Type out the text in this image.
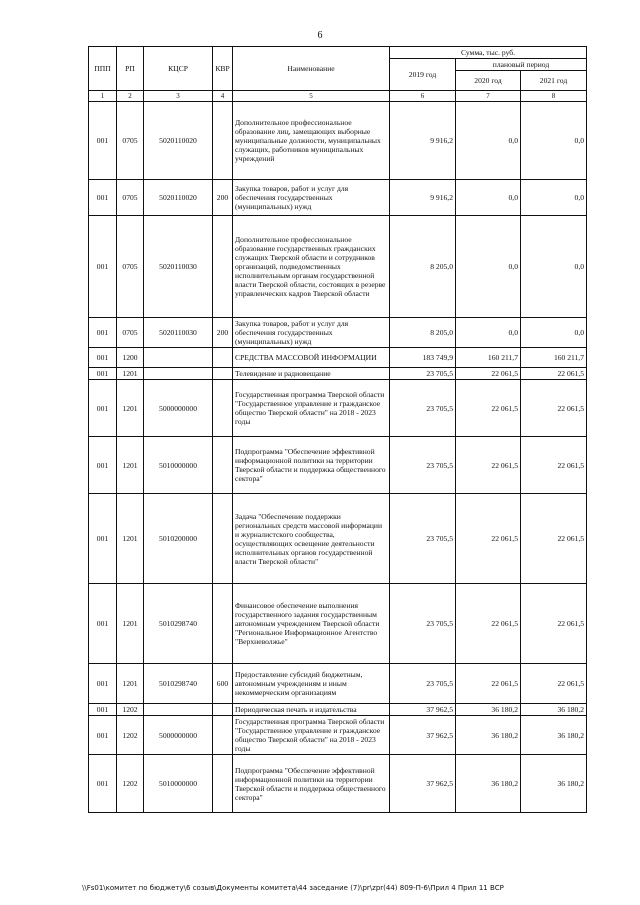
6
ППП	РП	КЦСР	КВР	Наименование	Сумма, тыс. руб.		
					2019 год	плановый период	
						2020 год	2021 год
1	2	3	4	5	6	7	8
001	0705	5020110020		Дополнительное профессиональное образование лиц, замещающих выборные муниципальные должности, муниципальных служащих, работников муниципальных учреждений	9 916,2	0,0	0,0
001	0705	5020110020	200	Закупка товаров, работ и услуг для обеспечения государственных (муниципальных) нужд	9 916,2	0,0	0,0
001	0705	5020110030		Дополнительное профессиональное образование государственных гражданских служащих Тверской области и сотрудников организаций, подведомственных исполнительным органам государственной власти Тверской области, состоящих в резерве управленческих кадров Тверской области	8 205,0	0,0	0,0
001	0705	5020110030	200	Закупка товаров, работ и услуг для обеспечения государственных (муниципальных) нужд	8 205,0	0,0	0,0
001	1200			СРЕДСТВА МАССОВОЙ ИНФОРМАЦИИ	183 749,9	160 211,7	160 211,7
001	1201			Телевидение и радиовещание	23 705,5	22 061,5	22 061,5
001	1201	5000000000		Государственная программа Тверской области "Государственное управление и гражданское общество Тверской области" на 2018 - 2023 годы	23 705,5	22 061,5	22 061,5
001	1201	5010000000		Подпрограмма "Обеспечение эффективной информационной политики на территории Тверской области и поддержка общественного сектора"	23 705,5	22 061,5	22 061,5
001	1201	5010200000		Задача "Обеспечение поддержки региональных средств массовой информации и журналистского сообщества, осуществляющих освещение деятельности исполнительных органов государственной власти Тверской области"	23 705,5	22 061,5	22 061,5
001	1201	5010298740		Финансовое обеспечение выполнения государственного задания государственным автономным учреждением Тверской области "Региональное Информационное Агентство "Верхневолжье"	23 705,5	22 061,5	22 061,5
001	1201	5010298740	600	Предоставление субсидий бюджетным, автономным учреждениям и иным некоммерческим организациям	23 705,5	22 061,5	22 061,5
001	1202			Периодическая печать и издательства	37 962,5	36 180,2	36 180,2
001	1202	5000000000		Государственная программа Тверской области "Государственное управление и гражданское общество Тверской области" на 2018 - 2023 годы	37 962,5	36 180,2	36 180,2
001	1202	5010000000		Подпрограмма "Обеспечение эффективной информационной политики на территории Тверской области и поддержка общественного сектора"	37 962,5	36 180,2	36 180,2
\\Fs01\комитет по бюджету\6 созыв\Документы комитета\44 заседание (7)\pr\zpr(44) 809-П-6\Прил 4 Прил 11 ВСР
